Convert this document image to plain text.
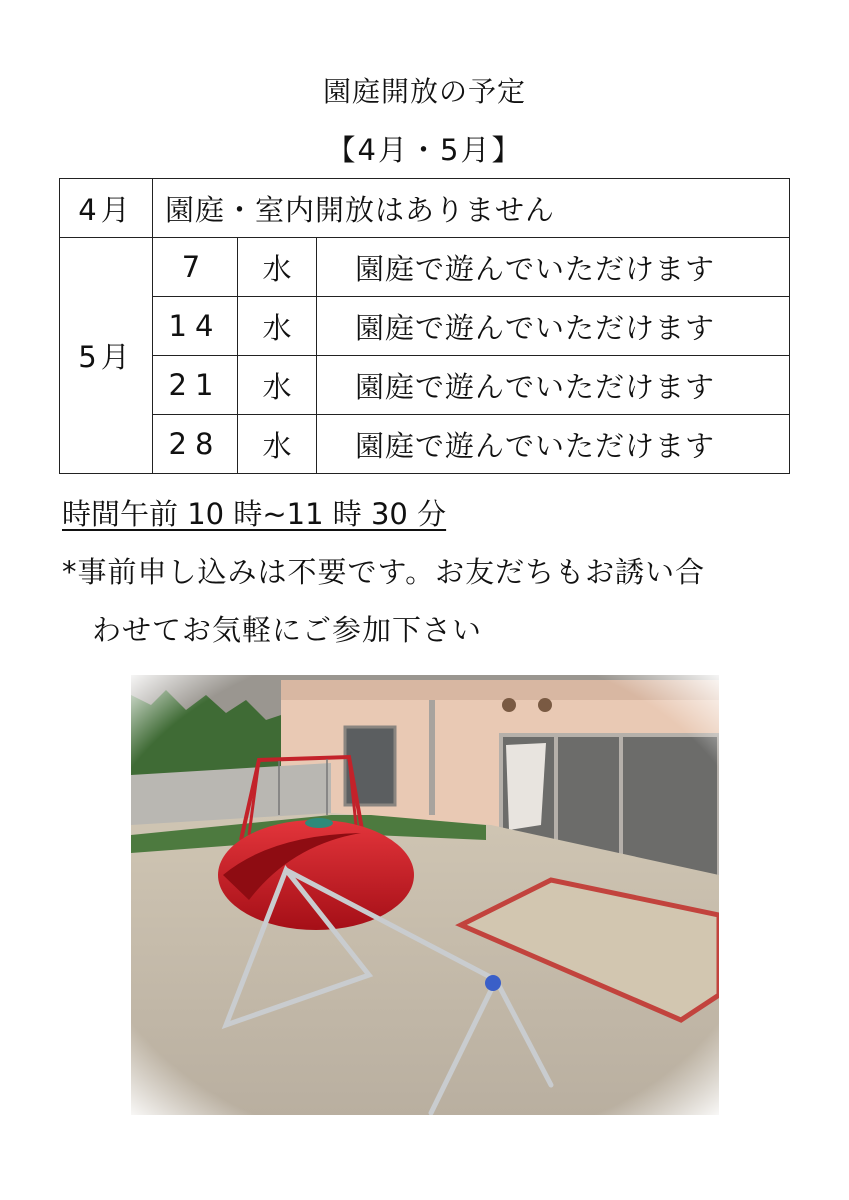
園庭開放の予定
【4月・5月】
4月	園庭・室内開放はありません		
5月	7	水	園庭で遊んでいただけます
	14	水	園庭で遊んでいただけます
	21	水	園庭で遊んでいただけます
	28	水	園庭で遊んでいただけます
時間午前 10 時~11 時 30 分
*事前申し込みは不要です。お友だちもお誘い合
わせてお気軽にご参加下さい
